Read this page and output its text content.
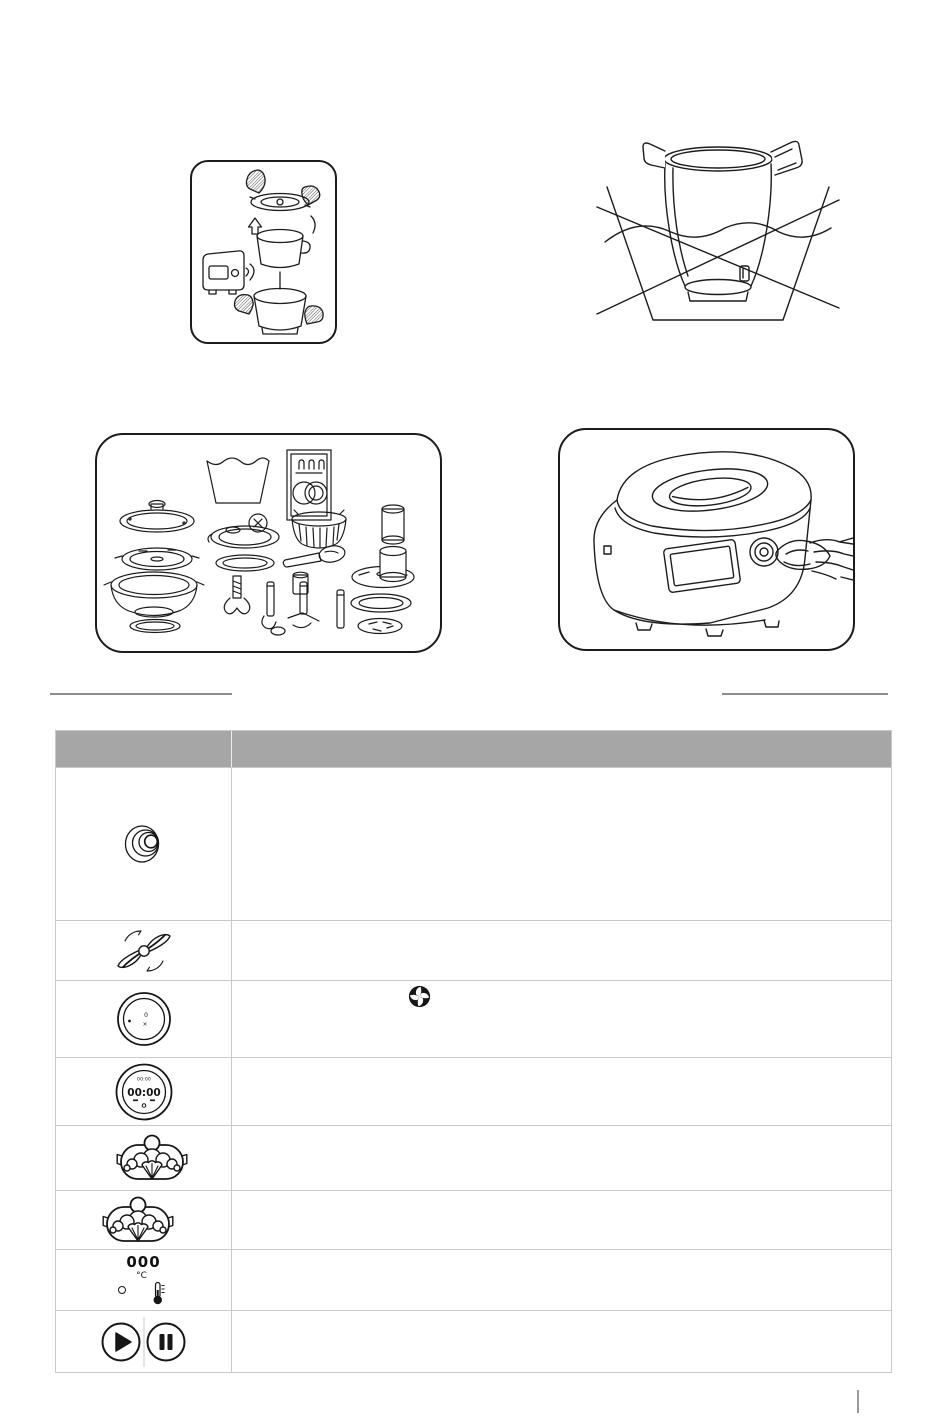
0
×
00:00
00:00
000
°C
